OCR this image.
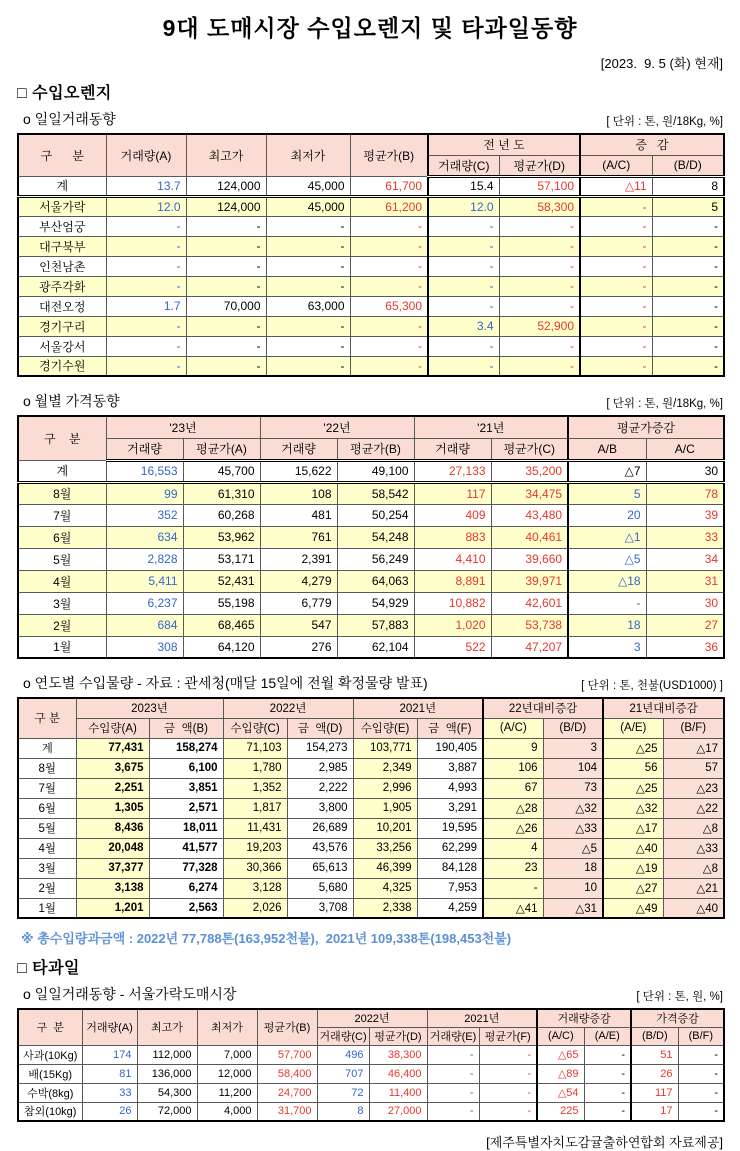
9대 도매시장 수입오렌지 및 타과일동향
[2023.  9. 5 (화) 현재]
□ 수입오렌지
o 일일거래동향	[ 단위 : 톤, 원/18Kg, %]
구      분	거래량(A)	최고가	최저가	평균가(B)	전 년 도		증   감	
					거래량(C)	평균가(D)	(A/C)	(B/D)
계	13.7	124,000	45,000	61,700	15.4	57,100	△11	8
서울가락	12.0	124,000	45,000	61,200	12.0	58,300	-	5
부산엄궁	-	-	-	-	-	-	-	-
대구북부	-	-	-	-	-	-	-	-
인천남촌	-	-	-	-	-	-	-	-
광주각화	-	-	-	-	-	-	-	-
대전오정	1.7	70,000	63,000	65,300	-	-	-	-
경기구리	-	-	-	-	3.4	52,900	-	-
서울강서	-	-	-	-	-	-	-	-
경기수원	-	-	-	-	-	-	-	-
o 월별 가격동향	[ 단위 : 톤, 원/18Kg, %]
구    분	'23년		'22년		'21년		평균가증감	
	거래량	평균가(A)	거래량	평균가(B)	거래량	평균가(C)	A/B	A/C
계	16,553	45,700	15,622	49,100	27,133	35,200	△7	30
8월	99	61,310	108	58,542	117	34,475	5	78
7월	352	60,268	481	50,254	409	43,480	20	39
6월	634	53,962	761	54,248	883	40,461	△1	33
5월	2,828	53,171	2,391	56,249	4,410	39,660	△5	34
4월	5,411	52,431	4,279	64,063	8,891	39,971	△18	31
3월	6,237	55,198	6,779	54,929	10,882	42,601	-	30
2월	684	68,465	547	57,883	1,020	53,738	18	27
1월	308	64,120	276	62,104	522	47,207	3	36
o 연도별 수입물량 - 자료 : 관세청(매달 15일에 전월 확정물량 발표)	[ 단위 : 톤, 천불(USD1000) ]
구 분	2023년		2022년		2021년		22년대비증감		21년대비증감	
	수입량(A)	금  액(B)	수입량(C)	금  액(D)	수입량(E)	금  액(F)	(A/C)	(B/D)	(A/E)	(B/F)
계	77,431	158,274	71,103	154,273	103,771	190,405	9	3	△25	△17
8월	3,675	6,100	1,780	2,985	2,349	3,887	106	104	56	57
7월	2,251	3,851	1,352	2,222	2,996	4,993	67	73	△25	△23
6월	1,305	2,571	1,817	3,800	1,905	3,291	△28	△32	△32	△22
5월	8,436	18,011	11,431	26,689	10,201	19,595	△26	△33	△17	△8
4월	20,048	41,577	19,203	43,576	33,256	62,299	4	△5	△40	△33
3월	37,377	77,328	30,366	65,613	46,399	84,128	23	18	△19	△8
2월	3,138	6,274	3,128	5,680	4,325	7,953	-	10	△27	△21
1월	1,201	2,563	2,026	3,708	2,338	4,259	△41	△31	△49	△40
※ 총수입량과금액 : 2022년 77,788톤(163,952천불),  2021년 109,338톤(198,453천불)
□ 타과일
o 일일거래동향 - 서울가락도매시장	[ 단위 : 톤, 원, %]
구  분	거래량(A)	최고가	최저가	평균가(B)	2022년		2021년		거래량증감		가격증감	
					거래량(C)	평균가(D)	거래량(E)	평균가(F)	(A/C)	(A/E)	(B/D)	(B/F)
사과(10Kg)	174	112,000	7,000	57,700	496	38,300	-	-	△65	-	51	-
배(15Kg)	81	136,000	12,000	58,400	707	46,400	-	-	△89	-	26	-
수박(8kg)	33	54,300	11,200	24,700	72	11,400	-	-	△54	-	117	-
참외(10kg)	26	72,000	4,000	31,700	8	27,000	-	-	225	-	17	-
[제주특별자치도감귤출하연합회 자료제공]
